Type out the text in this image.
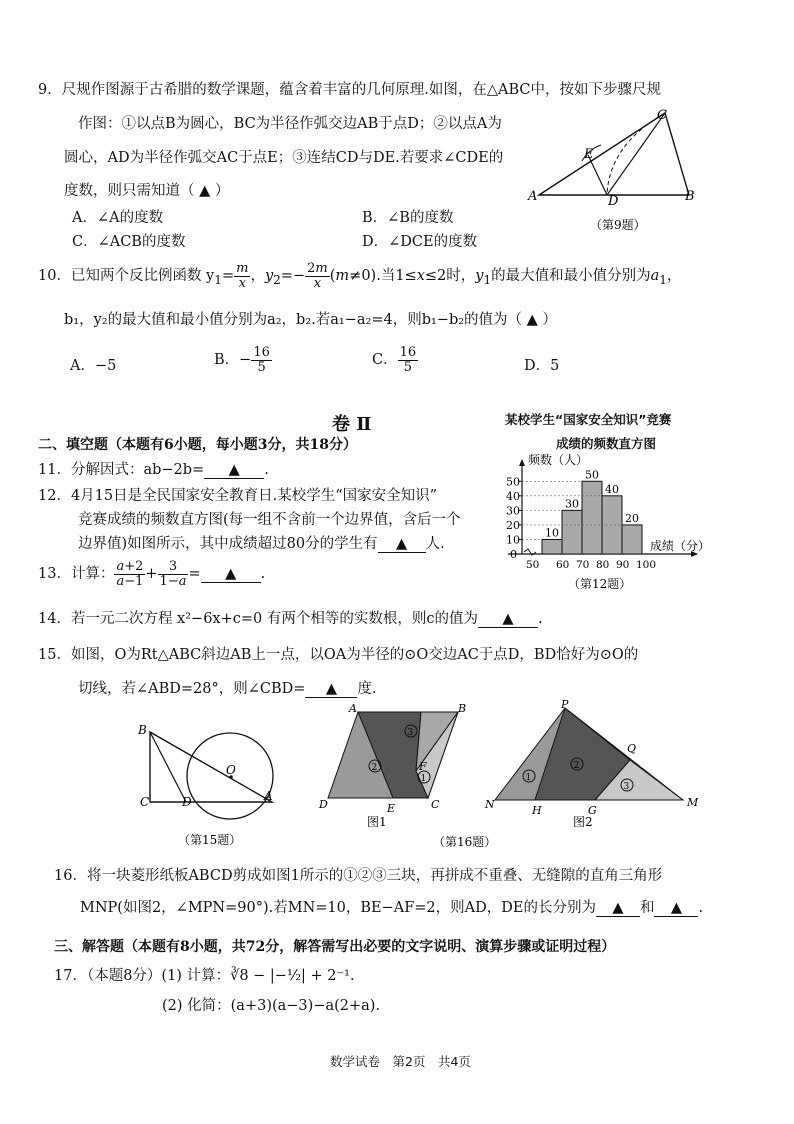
9．尺规作图源于古希腊的数学课题，蕴含着丰富的几何原理.如图，在△ABC中，按如下步骤尺规
作图：①以点B为圆心，BC为半径作弧交边AB于点D；②以点A为
圆心，AD为半径作弧交AC于点E；③连结CD与DE.若要求∠CDE的
度数，则只需知道（ ▲ ）
A．∠A的度数	B．∠B的度数
C．∠ACB的度数	D．∠DCE的度数
A	B
C
D
E
（第9题）
10．已知两个反比例函数 $y_1= \frac{m}{x}$ ，$y_2=- \frac{2m}{x} (m\ne 0)$.当1≤x≤2时，$y_1$的最大值和最小值分别为$a_1$，
b₁，y₂的最大值和最小值分别为a₂，b₂.若a₁−a₂=4，则b₁−b₂的值为（ ▲ ）
A．−5	B．− $\frac{16}{5}$	C． $\frac{16}{5}$	D．5
卷 Ⅱ
二、填空题（本题有6小题，每小题3分，共18分）
11．分解因式：ab−2b= ▲ .
12．4月15日是全民国家安全教育日.某校学生“国家安全知识”
竞赛成绩的频数直方图(每一组不含前一个边界值，含后一个
边界值)如图所示，其中成绩超过80分的学生有 ▲ 人.
某校学生“国家安全知识”竞赛
成绩的频数直方图
频数（人）
0
10
20
30
40
50
10
30
50
40
20
50 60 70 80 90 100
成绩（分）
（第12题）
13．计算： $\frac{a+2}{a-1} + \frac{3}{1-a}$ = ▲ .
14．若一元二次方程 x²−6x+c=0 有两个相等的实数根，则c的值为 ▲ .
15．如图，O为Rt△ABC斜边AB上一点，以OA为半径的⊙O交边AC于点D，BD恰好为⊙O的
切线，若∠ABD=28°，则∠CBD= ▲ 度.
B
C	D	A
O
（第15题）
3
2
1
A	B
C
D	E
F
图1
1
2
3
P
N	M
H	G
Q
图2
（第16题）
16．将一块菱形纸板ABCD剪成如图1所示的①②③三块，再拼成不重叠、无缝隙的直角三角形
MNP(如图2，∠MPN=90°).若MN=10，BE−AF=2，则AD，DE的长分别为 ▲ 和 ▲ .
三、解答题（本题有8小题，共72分，解答需写出必要的文字说明、演算步骤或证明过程）
17．（本题8分）(1) 计算：∛8 − |−½| + 2⁻¹.
(2) 化简：(a+3)(a−3)−a(2+a).
数学试卷　第2页　共4页
